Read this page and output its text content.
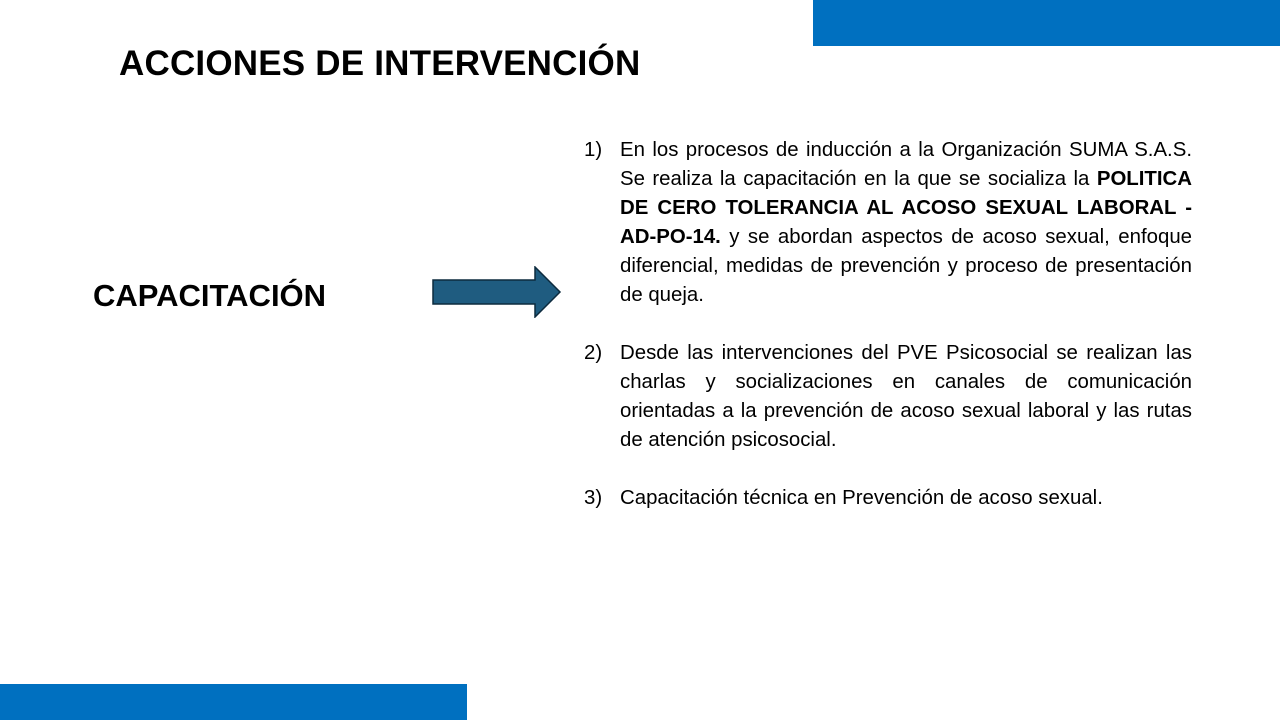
ACCIONES DE INTERVENCIÓN
CAPACITACIÓN
1) En los procesos de inducción a la Organización SUMA S.A.S. Se realiza la capacitación en la que se socializa la POLITICA DE CERO TOLERANCIA AL ACOSO SEXUAL LABORAL - AD-PO-14. y se abordan aspectos de acoso sexual, enfoque diferencial, medidas de prevención y proceso de presentación de queja.
2) Desde las intervenciones del PVE Psicosocial se realizan las charlas y socializaciones en canales de comunicación orientadas a la prevención de acoso sexual laboral y las rutas de atención psicosocial.
3) Capacitación técnica en Prevención de acoso sexual.
